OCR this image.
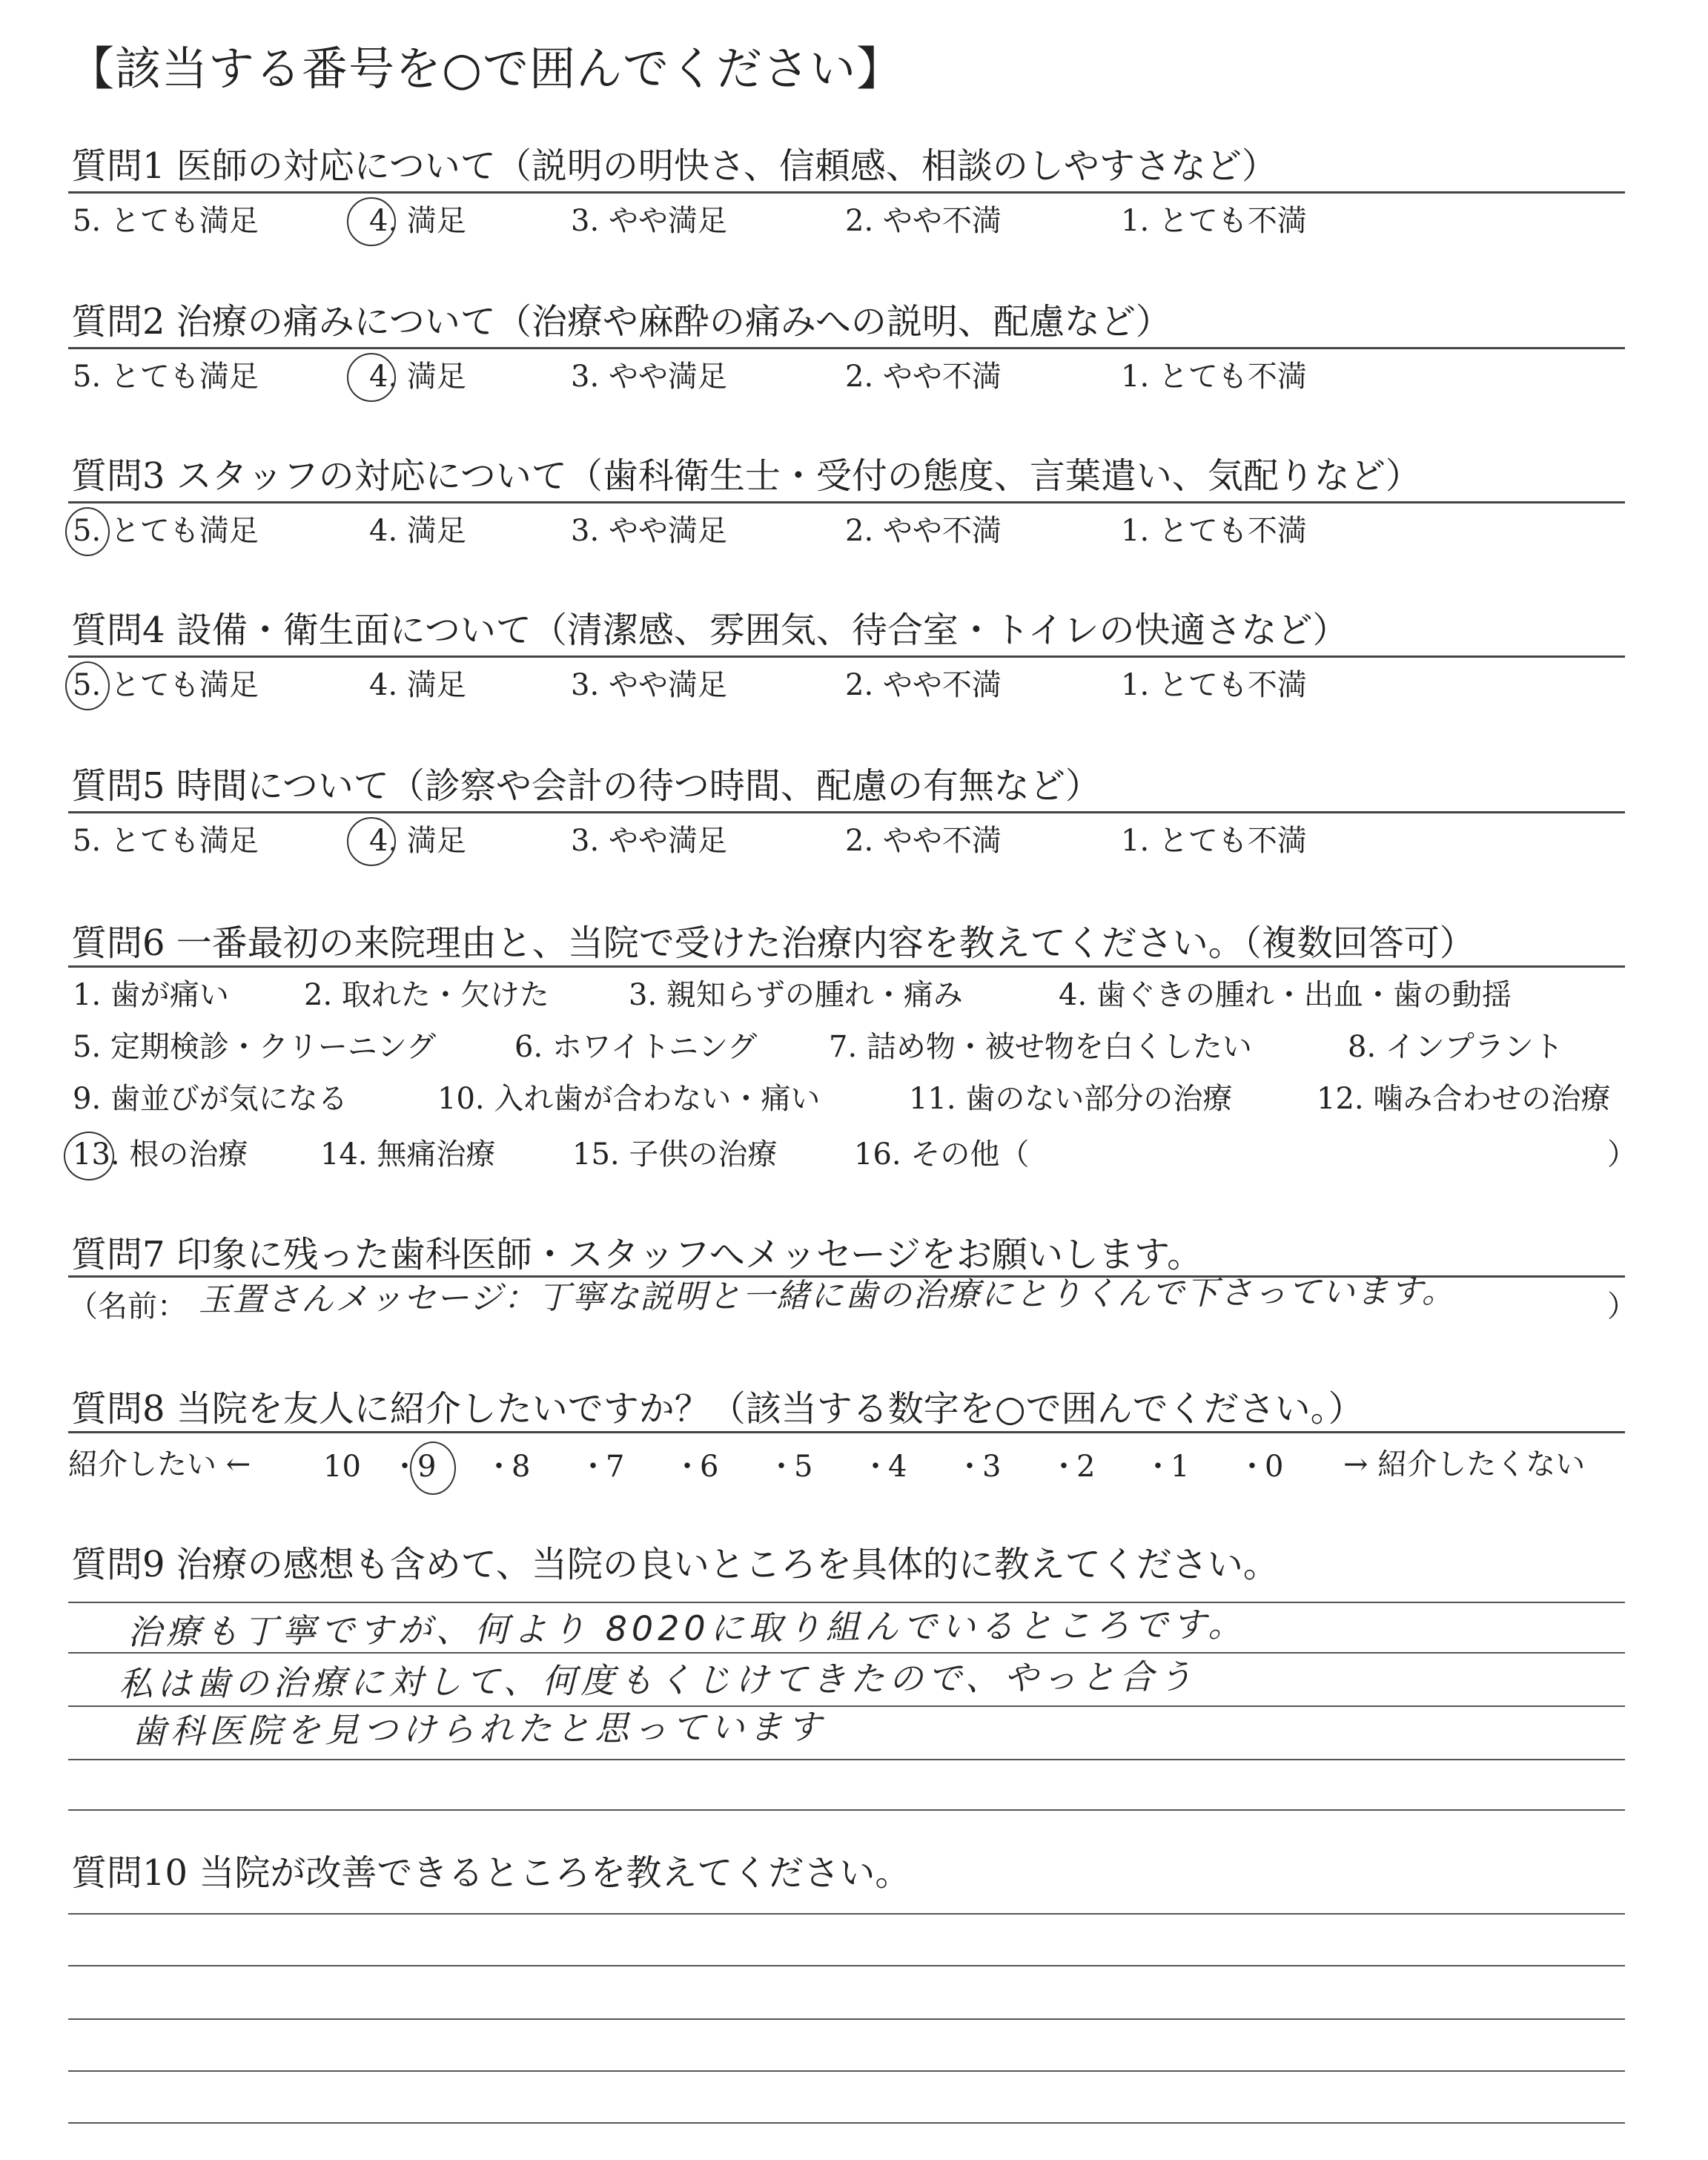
【該当する番号を○で囲んでください】
質問1 医師の対応について（説明の明快さ、信頼感、相談のしやすさなど）
5. とても満足	4. 満足	3. やや満足	2. やや不満	1. とても不満
質問2 治療の痛みについて（治療や麻酔の痛みへの説明、配慮など）
5. とても満足	4. 満足	3. やや満足	2. やや不満	1. とても不満
質問3 スタッフの対応について（歯科衛生士・受付の態度、言葉遣い、気配りなど）
5. とても満足	4. 満足	3. やや満足	2. やや不満	1. とても不満
質問4 設備・衛生面について（清潔感、雰囲気、待合室・トイレの快適さなど）
5. とても満足	4. 満足	3. やや満足	2. やや不満	1. とても不満
質問5 時間について（診察や会計の待つ時間、配慮の有無など）
5. とても満足	4. 満足	3. やや満足	2. やや不満	1. とても不満
質問6 一番最初の来院理由と、当院で受けた治療内容を教えてください。（複数回答可）
1. 歯が痛い	2. 取れた・欠けた	3. 親知らずの腫れ・痛み	4. 歯ぐきの腫れ・出血・歯の動揺
5. 定期検診・クリーニング	6. ホワイトニング 7. 詰め物・被せ物を白くしたい	8. インプラント
9. 歯並びが気になる	10. 入れ歯が合わない・痛い	11. 歯のない部分の治療	12. 噛み合わせの治療
13. 根の治療 14. 無痛治療	15. 子供の治療	16. その他（	）
質問7 印象に残った歯科医師・スタッフへメッセージをお願いします。
（名前： 玉置さんメッセージ：丁寧な説明と一緒に歯の治療にとりくんで下さっています。	）
質問8 当院を友人に紹介したいですか？（該当する数字を○で囲んでください。）
紹介したい ← 10 ・
9 ・
8 ・
7 ・
6 ・
5 ・
4 ・
3 ・
2 ・
1 ・
0 → 紹介したくない
質問9 治療の感想も含めて、当院の良いところを具体的に教えてください。
治療も丁寧ですが、何より 8020に取り組んでいるところです。
私は歯の治療に対して、何度もくじけてきたので、やっと合う
歯科医院を見つけられたと思っています
質問10 当院が改善できるところを教えてください。
